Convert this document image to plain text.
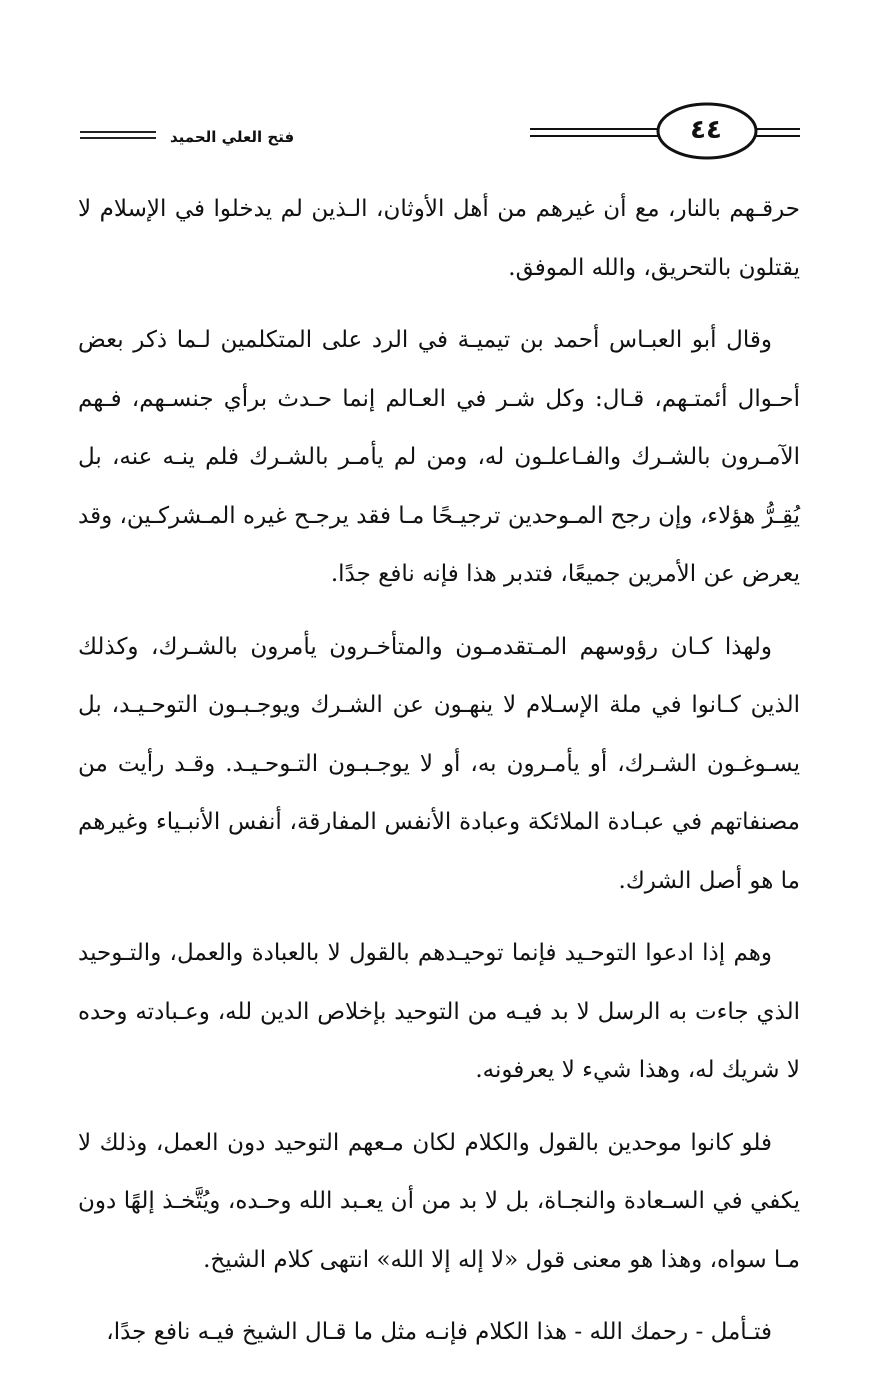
فتح العلي الحميد	٤٤

حرقـهم بالنار، مع أن غيرهم من أهل الأوثان، الـذين لم يدخلوا في الإسلام لا يقتلون بالتحريق، والله الموفق.

وقال أبو العبـاس أحمد بن تيميـة في الرد على المتكلمين لـما ذكر بعض أحـوال أئمتـهم، قـال: وكل شـر في العـالم إنما حـدث برأي جنسـهم، فـهم الآمـرون بالشـرك والفـاعلـون له، ومن لم يأمـر بالشـرك فلم ينـه عنه، بل يُقِـرُّ هؤلاء، وإن رجح المـوحدين ترجيـحًا مـا فقد يرجـح غيره المـشركـين، وقد يعرض عن الأمرين جميعًا، فتدبر هذا فإنه نافع جدًا.

ولهذا كـان رؤوسهم المـتقدمـون والمتأخـرون يأمرون بالشـرك، وكذلك الذين كـانوا في ملة الإسـلام لا ينهـون عن الشـرك ويوجـبـون التوحـيـد، بل يسـوغـون الشـرك، أو يأمـرون به، أو لا يوجـبـون التـوحـيـد. وقـد رأيت من مصنفاتهم في عبـادة الملائكة وعبادة الأنفس المفارقة، أنفس الأنبـياء وغيرهم ما هو أصل الشرك.

وهم إذا ادعوا التوحـيد فإنما توحيـدهم بالقول لا بالعبادة والعمل، والتـوحيد الذي جاءت به الرسل لا بد فيـه من التوحيد بإخلاص الدين لله، وعـبادته وحده لا شريك له، وهذا شيء لا يعرفونه.

فلو كانوا موحدين بالقول والكلام لكان مـعهم التوحيد دون العمل، وذلك لا يكفي في السـعادة والنجـاة، بل لا بد من أن يعـبد الله وحـده، ويُتَّخـذ إلهًا دون مـا سواه، وهذا هو معنى قول «لا إله إلا الله» انتهى كلام الشيخ.

فتـأمل - رحمك الله - هذا الكلام فإنـه مثل ما قـال الشيخ فيـه نافع جدًا،
